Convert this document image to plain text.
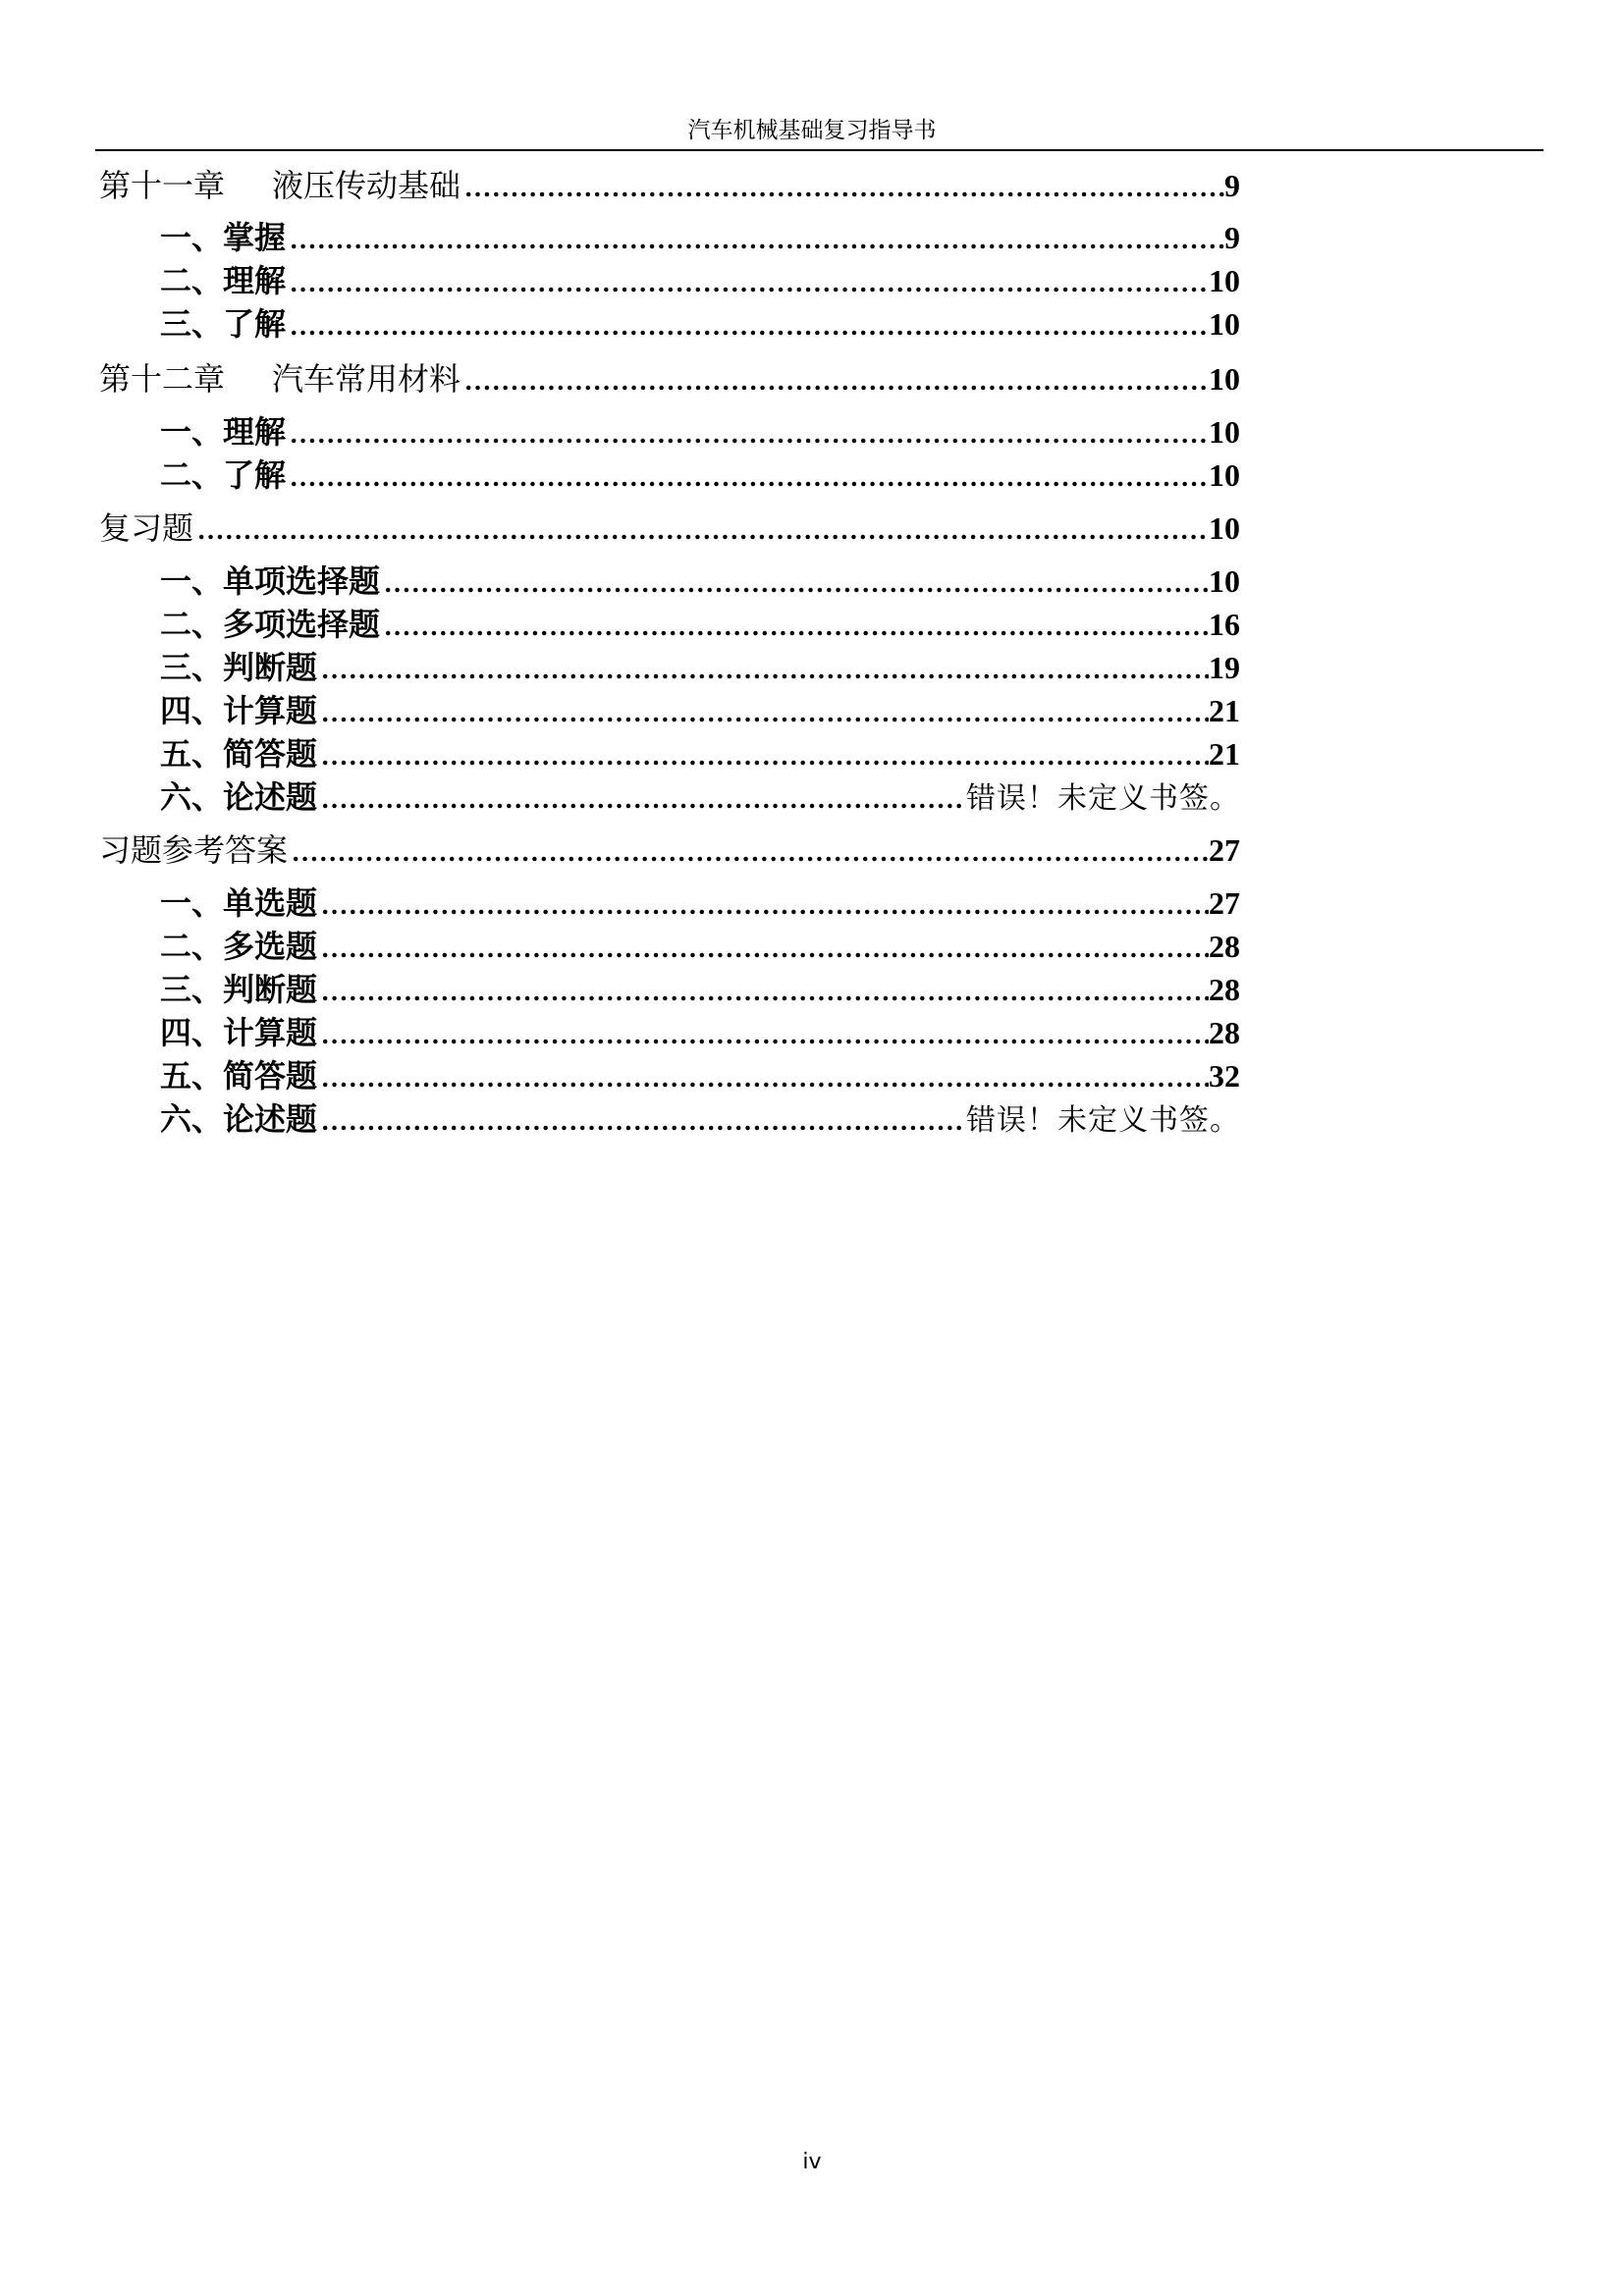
汽车机械基础复习指导书
第十一章 液压传动基础 .....	9
一、掌握 .....	9
二、理解 .....	10
三、了解 .....	10
第十二章 汽车常用材料 .....	10
一、理解 .....	10
二、了解 .....	10
复习题 .....	10
一、单项选择题 .....	10
二、多项选择题 .....	16
三、判断题 .....	19
四、计算题 .....	21
五、简答题 .....	21
六、论述题 .....	错误！未定义书签。
习题参考答案 .....	27
一、单选题 .....	27
二、多选题 .....	28
三、判断题 .....	28
四、计算题 .....	28
五、简答题 .....	32
六、论述题 .....	错误！未定义书签。
iv
